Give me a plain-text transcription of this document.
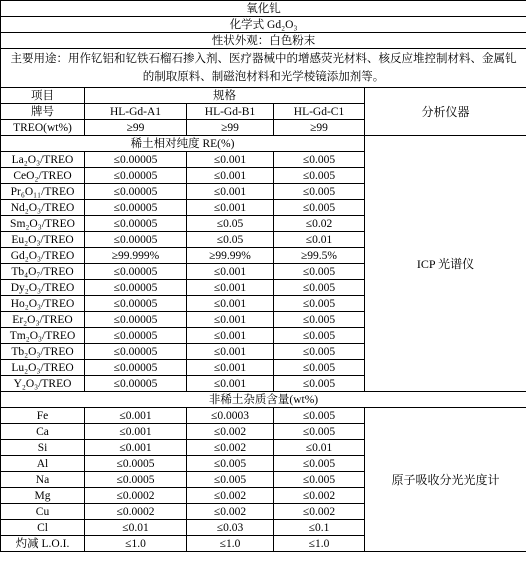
氧化钆				
化学式 Gd₂O₃				
性状外观：白色粉末				
主要用途：用作钇铝和钇铁石榴石掺入剂、医疗器械中的增感荧光材料、核反应堆控制材料、金属钆的制取原料、制磁泡材料和光学棱镜添加剂等。				
项目	规格			分析仪器
牌号	HL-Gd-A1	HL-Gd-B1	HL-Gd-C1	
TREO(wt%)	≥99	≥99	≥99	
稀土相对纯度 RE(%)				ICP 光谱仪
La₂O₃/TREO	≤0.00005	≤0.001	≤0.005	
CeO₂/TREO	≤0.00005	≤0.001	≤0.005	
Pr₆O₁₁/TREO	≤0.00005	≤0.001	≤0.005	
Nd₂O₃/TREO	≤0.00005	≤0.001	≤0.005	
Sm₂O₃/TREO	≤0.00005	≤0.05	≤0.02	
Eu₂O₃/TREO	≤0.00005	≤0.05	≤0.01	
Gd₂O₃/TREO	≥99.999%	≥99.99%	≥99.5%	
Tb₄O₇/TREO	≤0.00005	≤0.001	≤0.005	
Dy₂O₃/TREO	≤0.00005	≤0.001	≤0.005	
Ho₂O₃/TREO	≤0.00005	≤0.001	≤0.005	
Er₂O₃/TREO	≤0.00005	≤0.001	≤0.005	
Tm₂O₃/TREO	≤0.00005	≤0.001	≤0.005	
Tb₂O₃/TREO	≤0.00005	≤0.001	≤0.005	
Lu₂O₃/TREO	≤0.00005	≤0.001	≤0.005	
Y₂O₃/TREO	≤0.00005	≤0.001	≤0.005	
非稀土杂质含量(wt%)				
Fe	≤0.001	≤0.0003	≤0.005	原子吸收分光光度计
Ca	≤0.001	≤0.002	≤0.005	
Si	≤0.001	≤0.002	≤0.01	
Al	≤0.0005	≤0.005	≤0.005	
Na	≤0.0005	≤0.005	≤0.005	
Mg	≤0.0002	≤0.002	≤0.002	
Cu	≤0.0002	≤0.002	≤0.002	
Cl	≤0.01	≤0.03	≤0.1	
灼减 L.O.I.	≤1.0	≤1.0	≤1.0	
